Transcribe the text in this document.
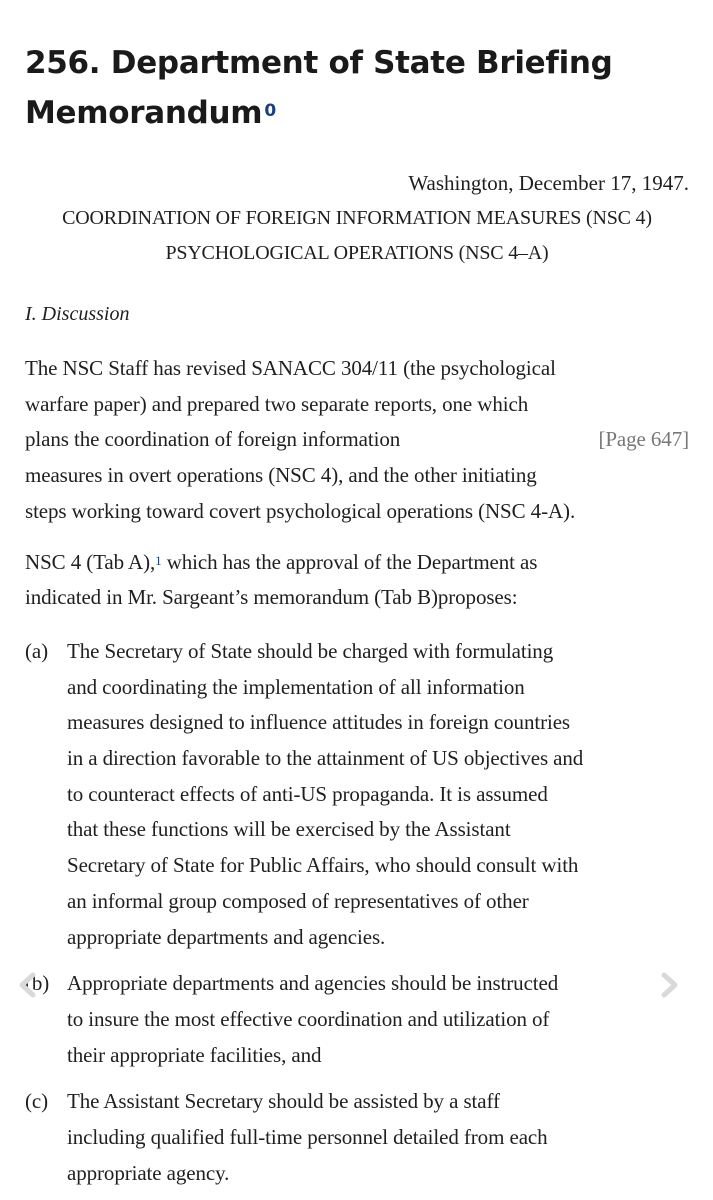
256. Department of State Briefing
Memorandum $^0$
Washington, December 17, 1947.
COORDINATION OF FOREIGN INFORMATION MEASURES (NSC 4)
PSYCHOLOGICAL OPERATIONS (NSC 4–A)
I. Discussion

The NSC Staff has revised SANACC 304/11 (the psychological
warfare paper) and prepared two separate reports, one which

plans the coordination of foreign information	[Page 647]
measures in overt operations (NSC 4), and the other initiating
steps working toward covert psychological operations (NSC 4-A).

NSC 4 (Tab A),$^1$ which has the approval of the Department as
indicated in Mr. Sargeant’s memorandum (Tab B)proposes:

(a) The Secretary of State should be charged with formulating
and coordinating the implementation of all information
measures designed to influence attitudes in foreign countries
in a direction favorable to the attainment of US objectives and
to counteract effects of anti-US propaganda. It is assumed
that these functions will be exercised by the Assistant
Secretary of State for Public Affairs, who should consult with
an informal group composed of representatives of other
appropriate departments and agencies.
(b) Appropriate departments and agencies should be instructed
to insure the most effective coordination and utilization of
their appropriate facilities, and
(c) The Assistant Secretary should be assisted by a staff
including qualified full-time personnel detailed from each
appropriate agency.
